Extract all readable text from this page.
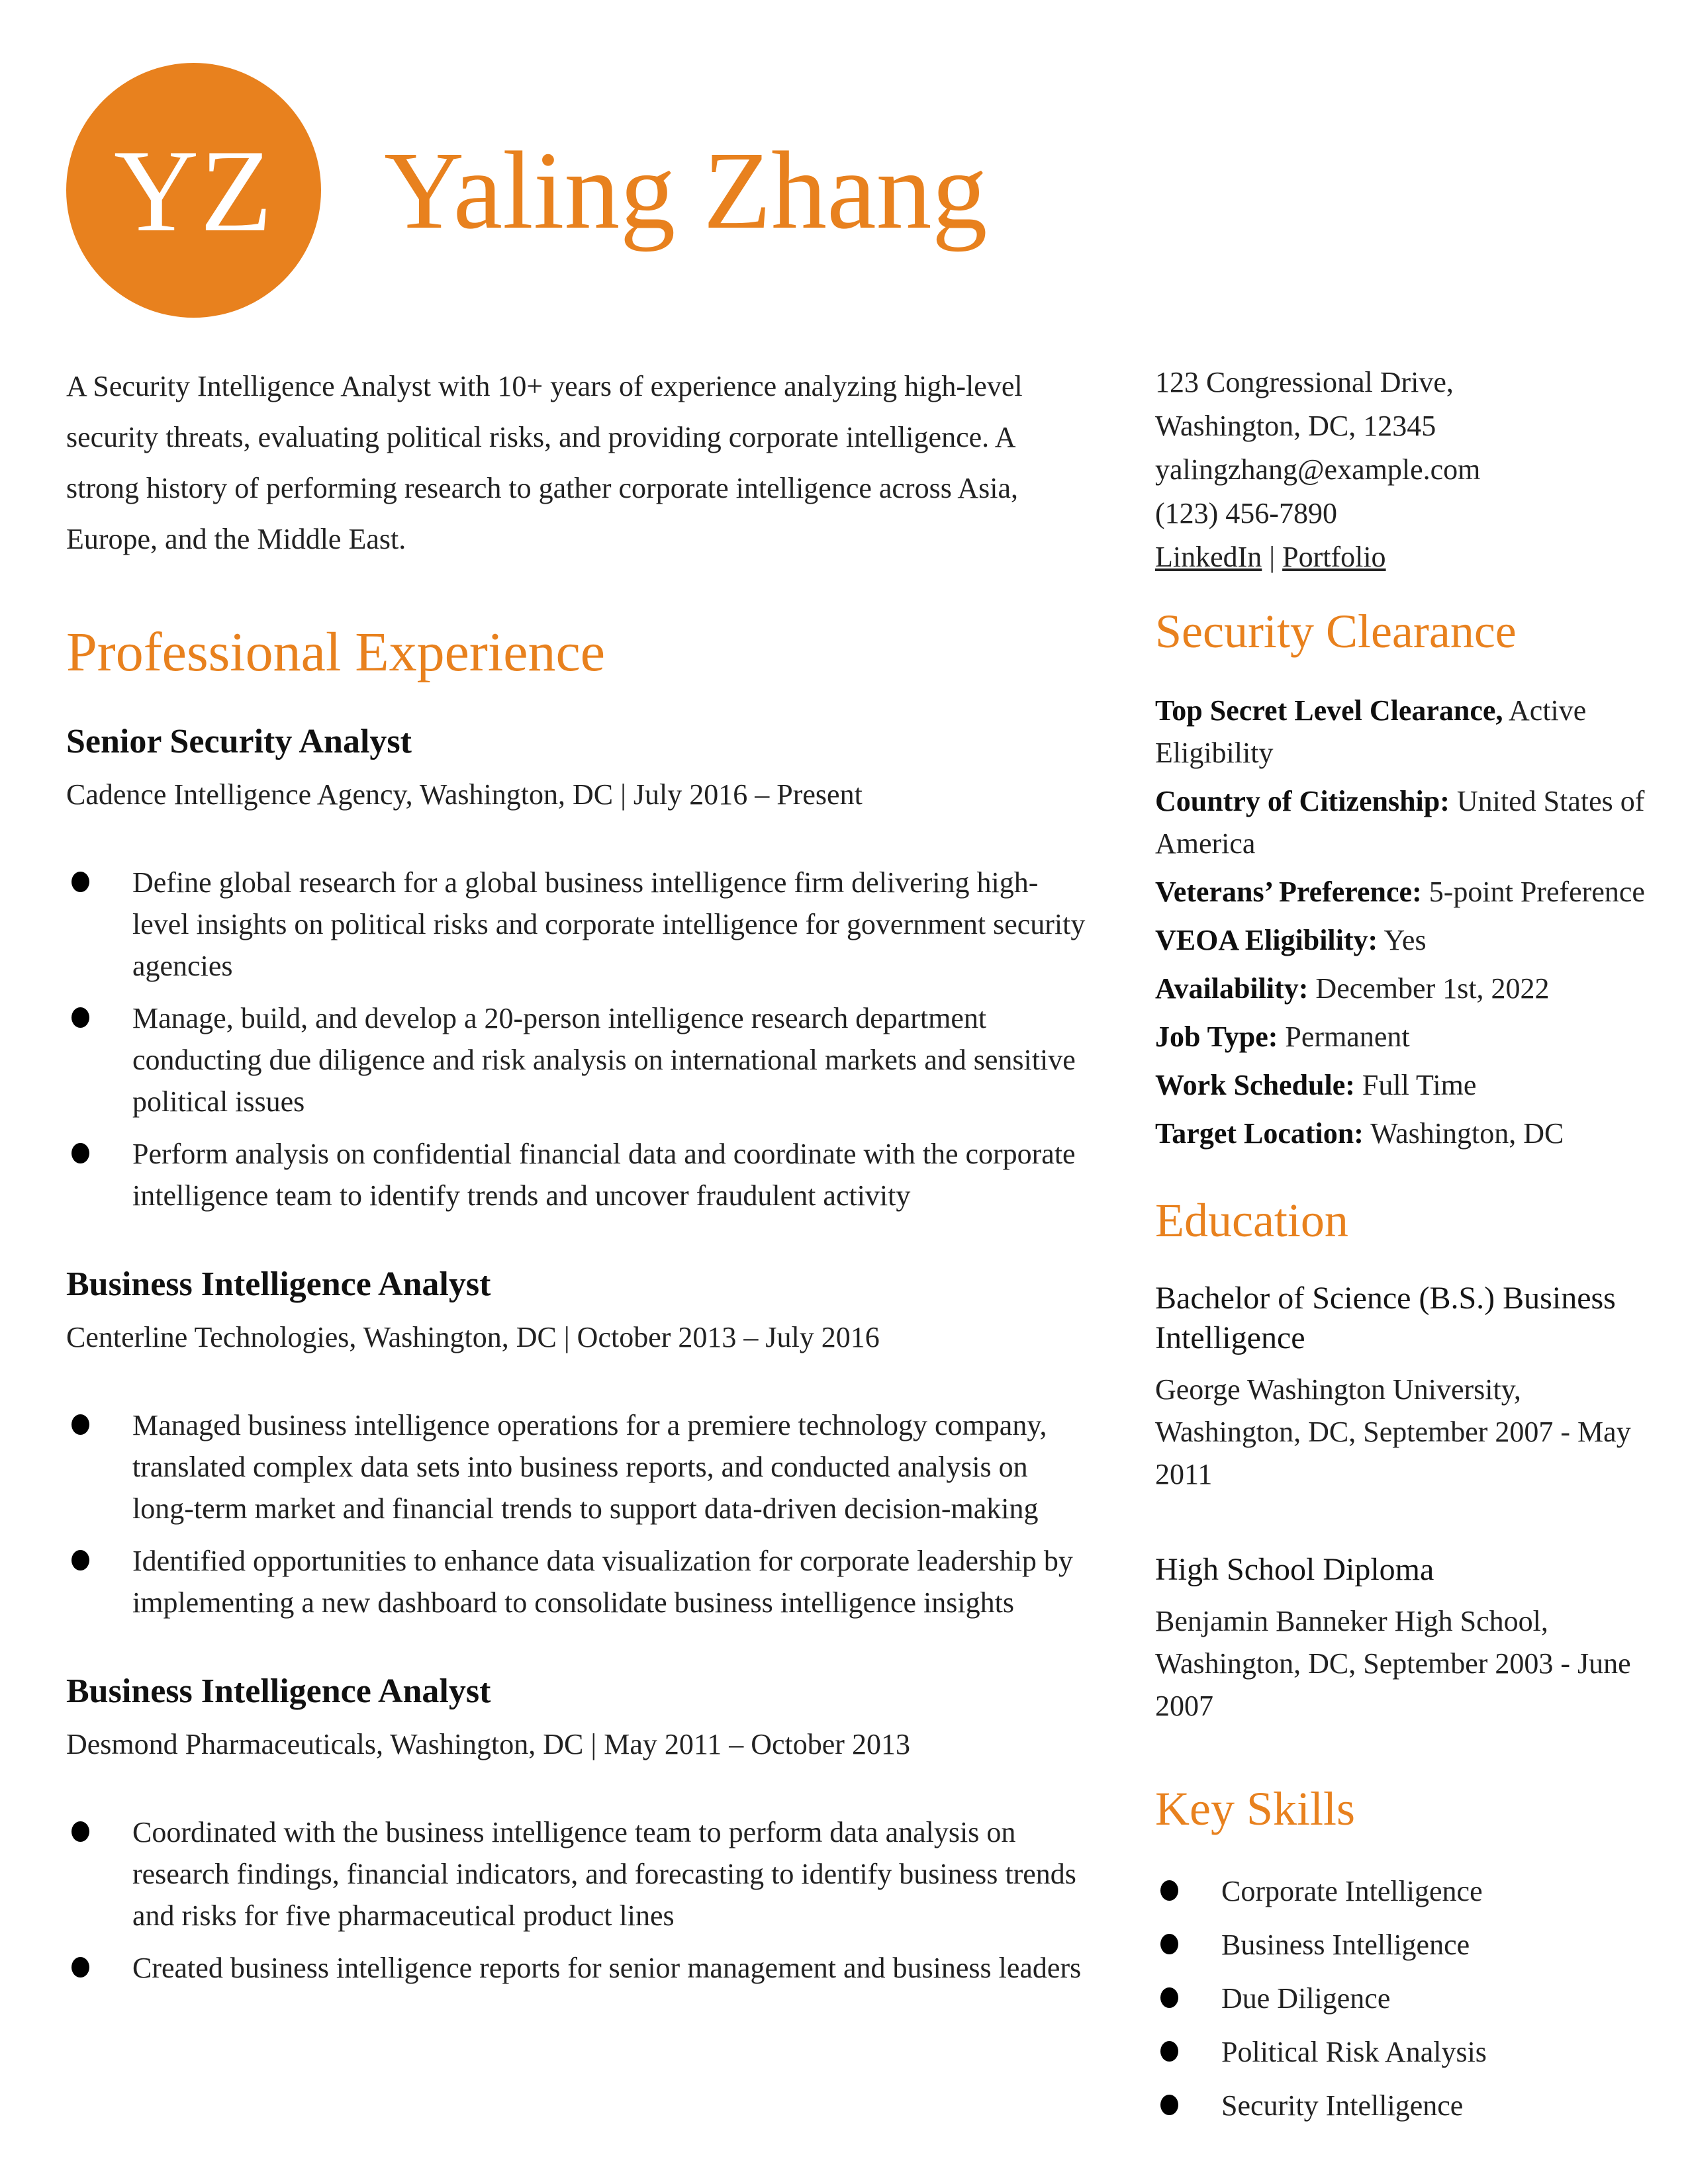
YZ Yaling Zhang

A Security Intelligence Analyst with 10+ years of experience analyzing high-level security threats, evaluating political risks, and providing corporate intelligence. A strong history of performing research to gather corporate intelligence across Asia, Europe, and the Middle East.

Professional Experience

Senior Security Analyst

Cadence Intelligence Agency, Washington, DC | July 2016 – Present

Define global research for a global business intelligence firm delivering high-level insights on political risks and corporate intelligence for government security agencies
Manage, build, and develop a 20-person intelligence research department conducting due diligence and risk analysis on international markets and sensitive political issues
Perform analysis on confidential financial data and coordinate with the corporate intelligence team to identify trends and uncover fraudulent activity

Business Intelligence Analyst

Centerline Technologies, Washington, DC | October 2013 – July 2016

Managed business intelligence operations for a premiere technology company, translated complex data sets into business reports, and conducted analysis on long-term market and financial trends to support data-driven decision-making
Identified opportunities to enhance data visualization for corporate leadership by implementing a new dashboard to consolidate business intelligence insights

Business Intelligence Analyst

Desmond Pharmaceuticals, Washington, DC | May 2011 – October 2013

Coordinated with the business intelligence team to perform data analysis on research findings, financial indicators, and forecasting to identify business trends and risks for five pharmaceutical product lines
Created business intelligence reports for senior management and business leaders

123 Congressional Drive,

Washington, DC, 12345

yalingzhang@example.com

(123) 456-7890

LinkedIn | Portfolio

Security Clearance

Top Secret Level Clearance, Active Eligibility

Country of Citizenship: United States of America

Veterans’ Preference: 5-point Preference

VEOA Eligibility: Yes

Availability: December 1st, 2022

Job Type: Permanent

Work Schedule: Full Time

Target Location: Washington, DC

Education

Bachelor of Science (B.S.) Business Intelligence

George Washington University, Washington, DC, September 2007 - May 2011

High School Diploma

Benjamin Banneker High School, Washington, DC, September 2003 - June 2007

Key Skills
Corporate Intelligence
Business Intelligence
Due Diligence
Political Risk Analysis
Security Intelligence
